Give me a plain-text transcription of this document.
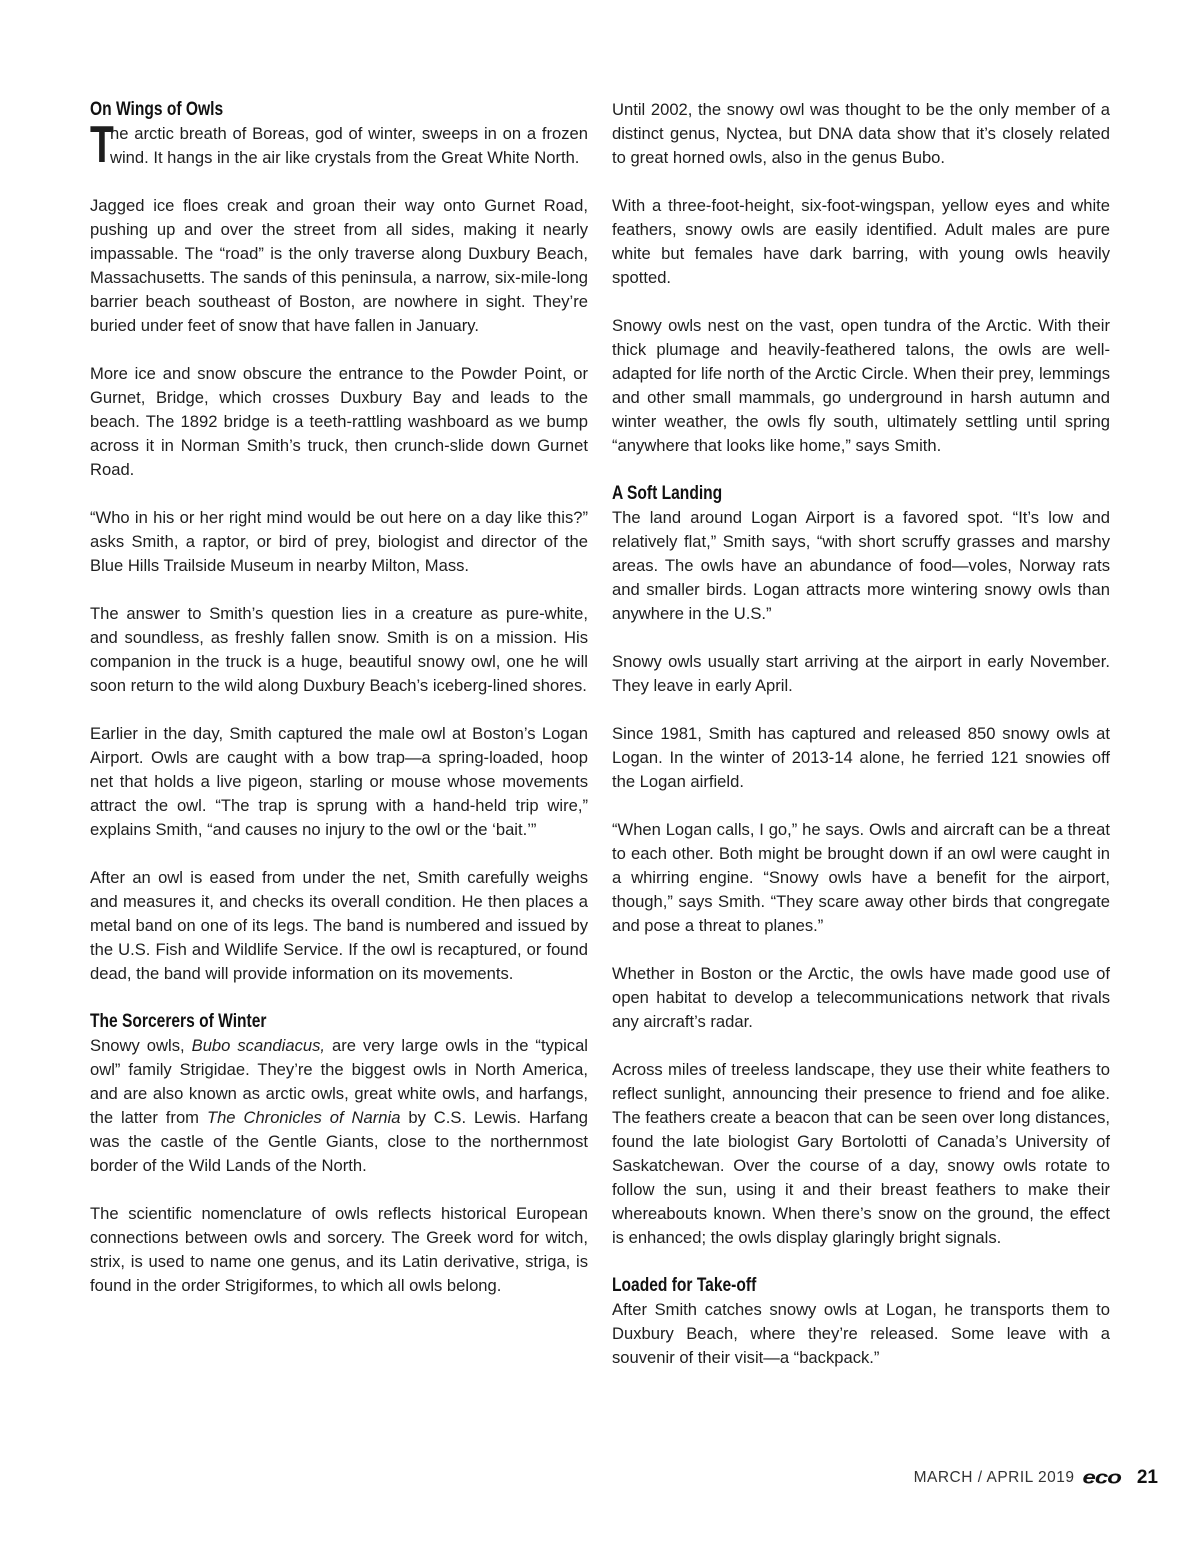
On Wings of Owls

T
he arctic breath of Boreas, god of winter, sweeps in on a frozen wind. It hangs in the air like crystals from the Great White North.

Jagged ice floes creak and groan their way onto Gurnet Road, pushing up and over the street from all sides, making it nearly impassable. The “road” is the only traverse along Duxbury Beach, Massachusetts. The sands of this peninsula, a narrow, six-mile-long barrier beach southeast of Boston, are nowhere in sight. They’re buried under feet of snow that have fallen in January.

More ice and snow obscure the entrance to the Powder Point, or Gurnet, Bridge, which crosses Duxbury Bay and leads to the beach. The 1892 bridge is a teeth-rattling washboard as we bump across it in Norman Smith’s truck, then crunch-slide down Gurnet Road.

“Who in his or her right mind would be out here on a day like this?” asks Smith, a raptor, or bird of prey, biologist and director of the Blue Hills Trailside Museum in nearby Milton, Mass.

The answer to Smith’s question lies in a creature as pure-white, and soundless, as freshly fallen snow. Smith is on a mission. His companion in the truck is a huge, beautiful snowy owl, one he will soon return to the wild along Duxbury Beach’s iceberg-lined shores.

Earlier in the day, Smith captured the male owl at Boston’s Logan Airport. Owls are caught with a bow trap—a spring-loaded, hoop net that holds a live pigeon, starling or mouse whose movements attract the owl. “The trap is sprung with a hand-held trip wire,” explains Smith, “and causes no injury to the owl or the ‘bait.’”

After an owl is eased from under the net, Smith carefully weighs and measures it, and checks its overall condition. He then places a metal band on one of its legs. The band is numbered and issued by the U.S. Fish and Wildlife Service. If the owl is recaptured, or found dead, the band will provide information on its movements.

The Sorcerers of Winter

Snowy owls, Bubo scandiacus, are very large owls in the “typical owl” family Strigidae. They’re the biggest owls in North America, and are also known as arctic owls, great white owls, and harfangs, the latter from The Chronicles of Narnia by C.S. Lewis. Harfang was the castle of the Gentle Giants, close to the northernmost border of the Wild Lands of the North.

The scientific nomenclature of owls reflects historical European connections between owls and sorcery. The Greek word for witch, strix, is used to name one genus, and its Latin derivative, striga, is found in the order Strigiformes, to which all owls belong.

Until 2002, the snowy owl was thought to be the only member of a distinct genus, Nyctea, but DNA data show that it’s closely related to great horned owls, also in the genus Bubo.

With a three-foot-height, six-foot-wingspan, yellow eyes and white feathers, snowy owls are easily identified. Adult males are pure white but females have dark barring, with young owls heavily spotted.

Snowy owls nest on the vast, open tundra of the Arctic. With their thick plumage and heavily-feathered talons, the owls are well-adapted for life north of the Arctic Circle. When their prey, lemmings and other small mammals, go underground in harsh autumn and winter weather, the owls fly south, ultimately settling until spring “anywhere that looks like home,” says Smith.

A Soft Landing

The land around Logan Airport is a favored spot. “It’s low and relatively flat,” Smith says, “with short scruffy grasses and marshy areas. The owls have an abundance of food—voles, Norway rats and smaller birds. Logan attracts more wintering snowy owls than anywhere in the U.S.”

Snowy owls usually start arriving at the airport in early November. They leave in early April.

Since 1981, Smith has captured and released 850 snowy owls at Logan. In the winter of 2013-14 alone, he ferried 121 snowies off the Logan airfield.

“When Logan calls, I go,” he says. Owls and aircraft can be a threat to each other. Both might be brought down if an owl were caught in a whirring engine. “Snowy owls have a benefit for the airport, though,” says Smith. “They scare away other birds that congregate and pose a threat to planes.”

Whether in Boston or the Arctic, the owls have made good use of open habitat to develop a telecommunications network that rivals any aircraft’s radar.

Across miles of treeless landscape, they use their white feathers to reflect sunlight, announcing their presence to friend and foe alike. The feathers create a beacon that can be seen over long distances, found the late biologist Gary Bortolotti of Canada’s University of Saskatchewan. Over the course of a day, snowy owls rotate to follow the sun, using it and their breast feathers to make their whereabouts known. When there’s snow on the ground, the effect is enhanced; the owls display glaringly bright signals.

Loaded for Take-off

After Smith catches snowy owls at Logan, he transports them to Duxbury Beach, where they’re released. Some leave with a souvenir of their visit—a “backpack.”

MARCH / APRIL 2019 eco 21
